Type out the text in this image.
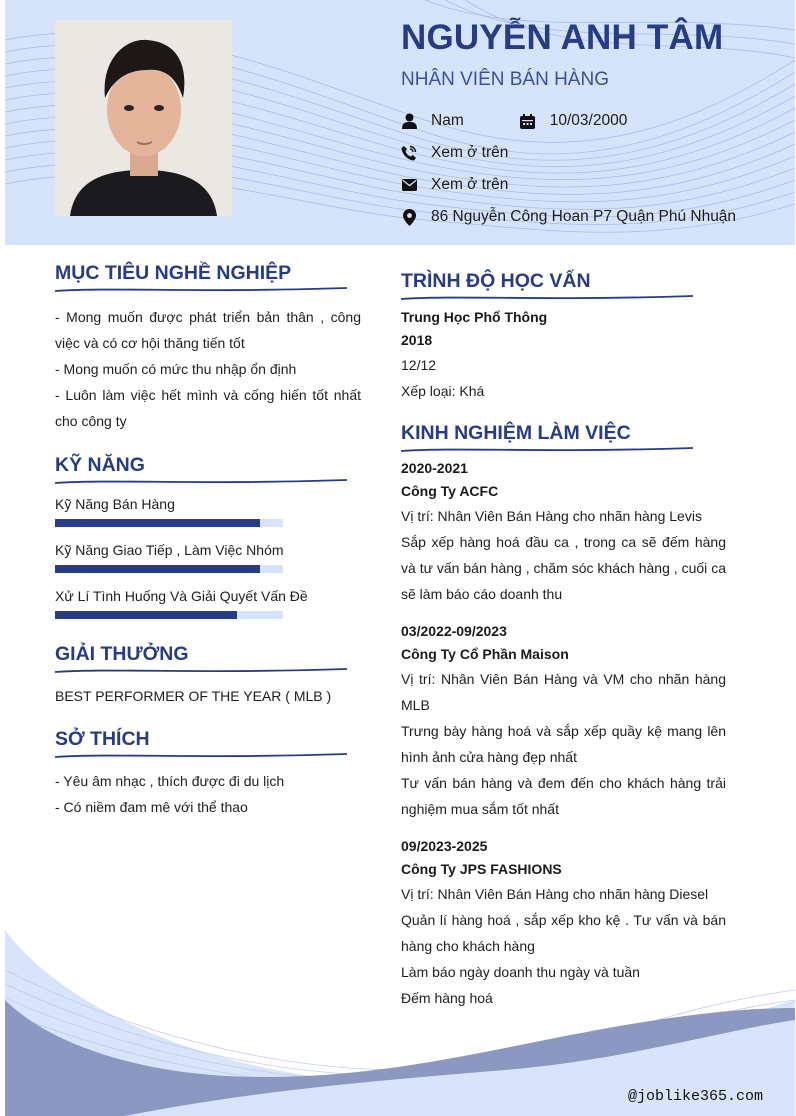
NGUYỄN ANH TÂM
NHÂN VIÊN BÁN HÀNG
Nam	10/03/2000
Xem ở trên
Xem ở trên
86 Nguyễn Công Hoan P7 Quận Phú Nhuận
MỤC TIÊU NGHỀ NGHIỆP
- Mong muốn được phát triển bản thân , công việc và có cơ hội thăng tiến tốt
- Mong muốn có mức thu nhập ổn định
- Luôn làm việc hết mình và cống hiến tốt nhất cho công ty
KỸ NĂNG
Kỹ Năng Bán Hàng
Kỹ Năng Giao Tiếp , Làm Việc Nhóm
Xử Lí Tình Huống Và Giải Quyết Vấn Đề
GIẢI THƯỞNG
BEST PERFORMER OF THE YEAR ( MLB )
SỞ THÍCH
- Yêu âm nhạc , thích được đi du lịch
- Có niềm đam mê với thể thao
TRÌNH ĐỘ HỌC VẤN
Trung Học Phổ Thông
2018
12/12
Xếp loại: Khá
KINH NGHIỆM LÀM VIỆC
2020-2021
Công Ty ACFC
Vị trí: Nhân Viên Bán Hàng cho nhãn hàng Levis
Sắp xếp hàng hoá đầu ca , trong ca sẽ đếm hàng và tư vấn bán hàng , chăm sóc khách hàng , cuối ca sẽ làm báo cáo doanh thu
03/2022-09/2023
Công Ty Cổ Phần Maison
Vị trí: Nhân Viên Bán Hàng và VM cho nhãn hàng MLB
Trưng bày hàng hoá và sắp xếp quầy kệ mang lên hình ảnh cửa hàng đẹp nhất
Tư vấn bán hàng và đem đến cho khách hàng trải nghiệm mua sắm tốt nhất
09/2023-2025
Công Ty JPS FASHIONS
Vị trí: Nhân Viên Bán Hàng cho nhãn hàng Diesel
Quản lí hàng hoá , sắp xếp kho kệ . Tư vấn và bán hàng cho khách hàng
Làm báo ngày doanh thu ngày và tuần
Đếm hàng hoá
@joblike365.com
